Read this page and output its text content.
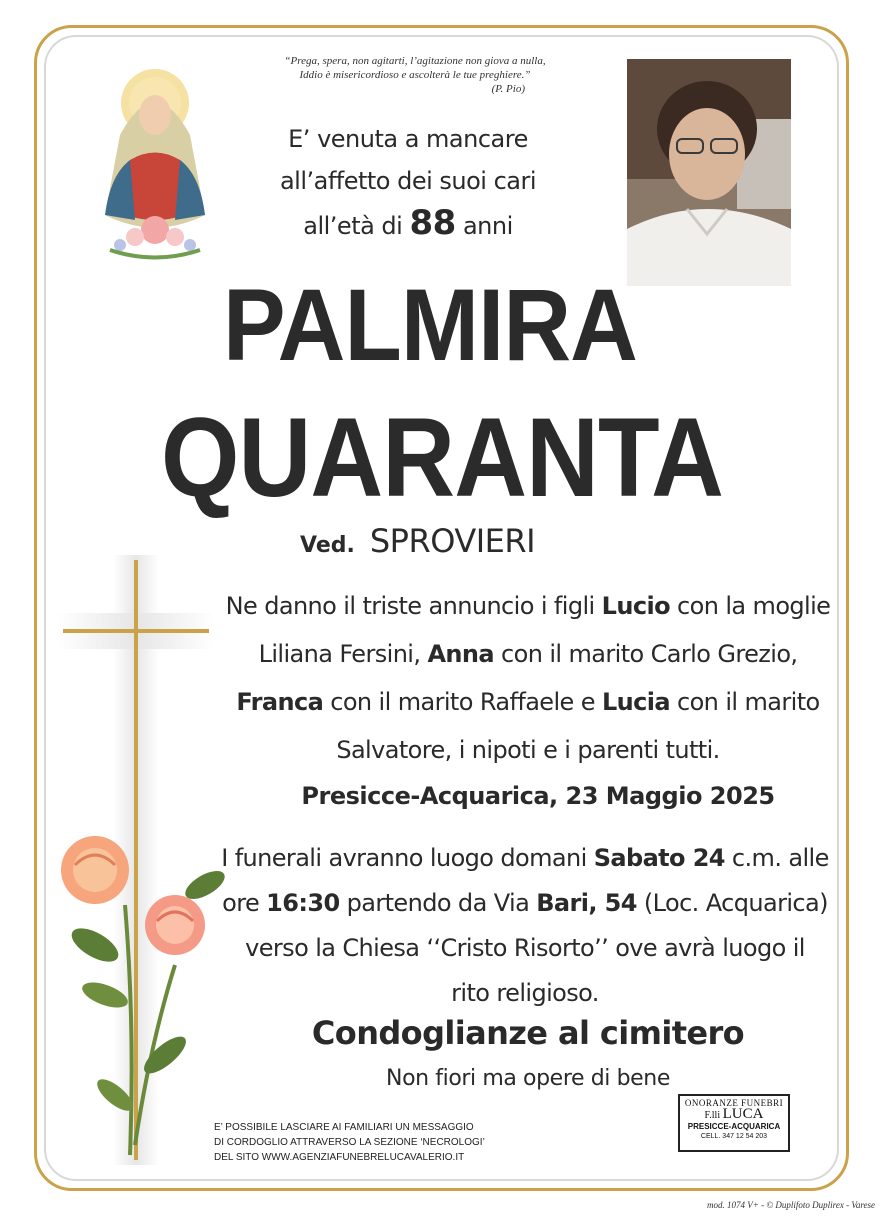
“Prega, spera, non agitarti, l’agitazione non giova a nulla,
Iddio è misericordioso e ascolterà le tue preghiere.”
(P. Pio)
E’ venuta a mancare
all’affetto dei suoi cari
all’età di 88 anni
PALMIRA
QUARANTA
Ved. SPROVIERI
Ne danno il triste annuncio i figli Lucio con la moglie
Liliana Fersini, Anna con il marito Carlo Grezio,
Franca con il marito Raffaele e Lucia con il marito
Salvatore, i nipoti e i parenti tutti.
Presicce-Acquarica, 23 Maggio 2025
I funerali avranno luogo domani Sabato 24 c.m. alle
ore 16:30 partendo da Via Bari, 54 (Loc. Acquarica)
verso la Chiesa ‘‘Cristo Risorto’’ ove avrà luogo il
rito religioso.
Condoglianze al cimitero
Non fiori ma opere di bene
E’ POSSIBILE LASCIARE AI FAMILIARI UN MESSAGGIO
DI CORDOGLIO ATTRAVERSO LA SEZIONE ‘NECROLOGI’
DEL SITO WWW.AGENZIAFUNEBRELUCAVALERIO.IT
ONORANZE FUNEBRI
F.lli LUCA
PRESICCE-ACQUARICA
CELL. 347 12 54 203
mod. 1074 V+ - © Duplifoto Duplirex - Varese
